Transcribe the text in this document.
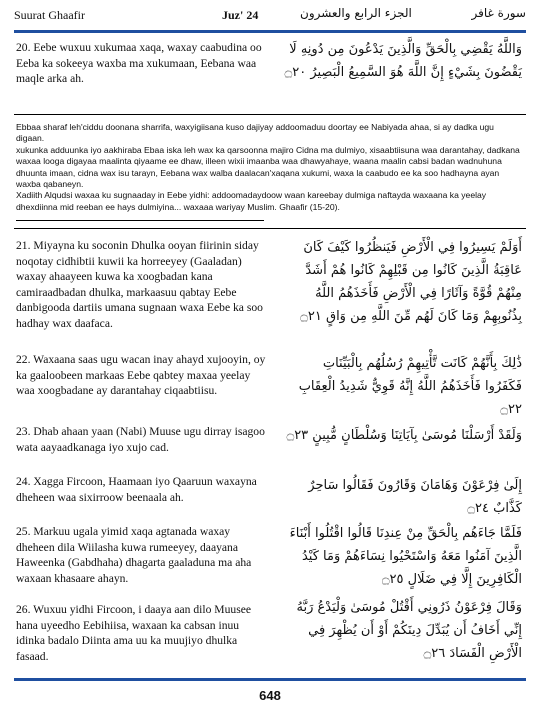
Suurat Ghaafir	Juz' 24	الجزء الرابع والعشرون	سورة غافر
20. Eebe wuxuu xukumaa xaqa, waxay caabudina oo Eeba ka sokeeya waxba ma xukumaan, Eebana waa maqle arka ah.
وَاللَّهُ يَقْضِي بِالْحَقِّ وَالَّذِينَ يَدْعُونَ مِن دُونِهِ لَا يَقْضُونَ بِشَيْءٍ إِنَّ اللَّهَ هُوَ السَّمِيعُ الْبَصِيرُ ۝٢٠

Ebbaa sharaf leh'ciddu doonana sharrifa, waxyigiisana kuso dajiyay addoomaduu doortay ee Nabiyada ahaa, si ay dadka ugu digaan.

xukunka adduunka iyo aakhiraba Ebaa iska leh wax ka qarsoonna majiro Cidna ma dulmiyo, xisaabtiisuna waa darantahay, dadkana waxaa looga digayaa maalinta qiyaame ee dhaw, illeen wixii imaanba waa dhawyahaye, waana maalin cabsi badan wadnuhuna dhuunta imaan, cidna wax isu tarayn, Eebana wax walba daalacan'xaqana xukumi, waxa la caabudo ee ka soo hadhayna ayan waxba qabaneyn.

Xadiith Alqudsi waxaa ku sugnaaday in Eebe yidhi: addoomadaydoow waan kareebay dulmiga naftayda waxaana ka yeelay dhexdiinna mid reeban ee hays dulmiyina... waxaaa wariyay Muslim. Ghaafir (15-20).

21. Miyayna ku soconin Dhulka ooyan fiirinin siday noqotay cidhibtii kuwii ka horreeyey (Gaaladan) waxay ahaayeen kuwa ka xoogbadan kana camiraadbadan dhulka, markaasuu qabtay Eebe danbigooda dartiis umana sugnaan waxa Eebe ka soo hadhay wax daafaca.
أَوَلَمْ يَسِيرُوا فِي الْأَرْضِ فَيَنظُرُوا كَيْفَ كَانَ عَاقِبَةُ الَّذِينَ كَانُوا مِن قَبْلِهِمْ كَانُوا هُمْ أَشَدَّ مِنْهُمْ قُوَّةً وَآثَارًا فِي الْأَرْضِ فَأَخَذَهُمُ اللَّهُ بِذُنُوبِهِمْ وَمَا كَانَ لَهُم مِّنَ اللَّهِ مِن وَاقٍ ۝٢١
22. Waxaana saas ugu wacan inay ahayd xujooyin, oy ka gaaloobeen markaas Eebe qabtey maxaa yeelay waa xoogbadane ay darantahay ciqaabtiisu.
ذَٰلِكَ بِأَنَّهُمْ كَانَت تَّأْتِيهِمْ رُسُلُهُم بِالْبَيِّنَاتِ فَكَفَرُوا فَأَخَذَهُمُ اللَّهُ إِنَّهُ قَوِيٌّ شَدِيدُ الْعِقَابِ ۝٢٢
23. Dhab ahaan yaan (Nabi) Muuse ugu dirray isagoo wata aayaadkanaga iyo xujo cad.
وَلَقَدْ أَرْسَلْنَا مُوسَىٰ بِآيَاتِنَا وَسُلْطَانٍ مُّبِينٍ ۝٢٣
24. Xagga Fircoon, Haamaan iyo Qaaruun waxayna dheheen waa sixirroow beenaala ah.
إِلَىٰ فِرْعَوْنَ وَهَامَانَ وَقَارُونَ فَقَالُوا سَاحِرٌ كَذَّابٌ ۝٢٤
25. Markuu ugala yimid xaqa agtanada waxay dheheen dila Wiilasha kuwa rumeeyey, daayana Haweenka (Gabdhaha) dhagarta gaaladuna ma aha waxaan khasaare ahayn.
فَلَمَّا جَاءَهُم بِالْحَقِّ مِنْ عِندِنَا قَالُوا اقْتُلُوا أَبْنَاءَ الَّذِينَ آمَنُوا مَعَهُ وَاسْتَحْيُوا نِسَاءَهُمْ وَمَا كَيْدُ الْكَافِرِينَ إِلَّا فِي ضَلَالٍ ۝٢٥
26. Wuxuu yidhi Fircoon, i daaya aan dilo Muusee hana uyeedho Eebihiisa, waxaan ka cabsan inuu idinka badalo Diinta ama uu ka muujiyo dhulka fasaad.
وَقَالَ فِرْعَوْنُ ذَرُونِي أَقْتُلْ مُوسَىٰ وَلْيَدْعُ رَبَّهُ إِنِّي أَخَافُ أَن يُبَدِّلَ دِينَكُمْ أَوْ أَن يُظْهِرَ فِي الْأَرْضِ الْفَسَادَ ۝٢٦
648
